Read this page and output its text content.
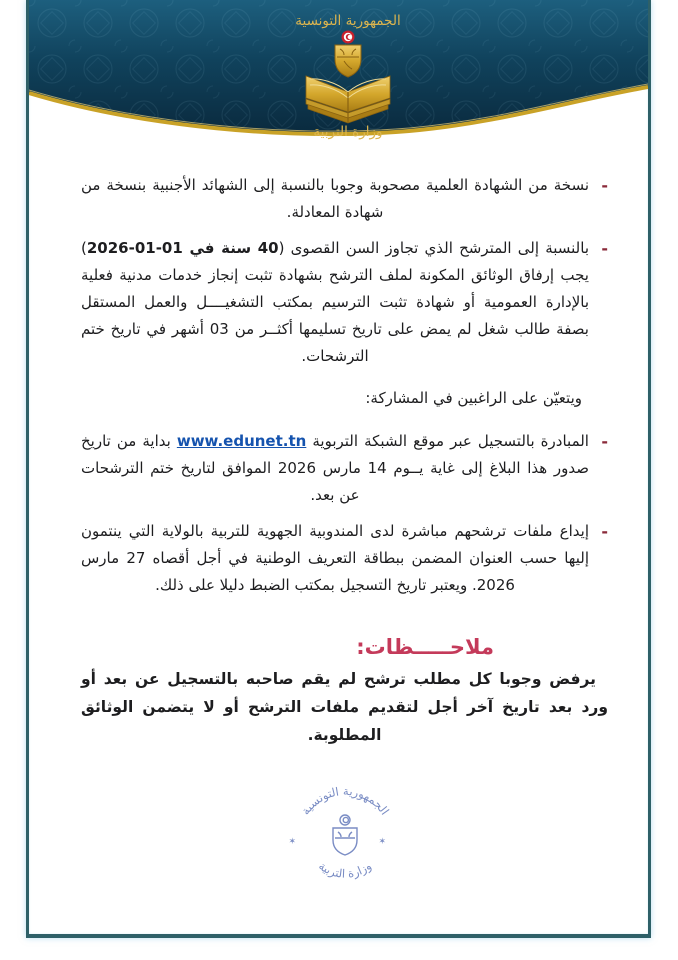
الجمهورية التونسية
وزارة التربية
-

نسخة من الشهادة العلمية مصحوبة وجوبا بالنسبة إلى الشهائد الأجنبية بنسخة من شهادة المعادلة.

-

بالنسبة إلى المترشح الذي تجاوز السن القصوى (40 سنة في 2026-01-01) يجب إرفاق الوثائق المكونة لملف الترشح بشهادة تثبت إنجاز خدمات مدنية فعلية بالإدارة العمومية أو شهادة تثبت الترسيم بمكتب التشغيــــل والعمل المستقل بصفة طالب شغل لم يمض على تاريخ تسليمها أكثــر من 03 أشهر في تاريخ ختم الترشحات.

ويتعيّن على الراغبين في المشاركة:

-

المبادرة بالتسجيل عبر موقع الشبكة التربوية www.edunet.tn بداية من تاريخ صدور هذا البلاغ إلى غاية يــوم 14 مارس 2026 الموافق لتاريخ ختم الترشحات عن بعد.

-

إيداع ملفات ترشحهم مباشرة لدى المندوبية الجهوية للتربية بالولاية التي ينتمون إليها حسب العنوان المضمن ببطاقة التعريف الوطنية في أجل أقصاه 27 مارس 2026. ويعتبر تاريخ التسجيل بمكتب الضبط دليلا على ذلك.

ملاحـــــظات:

يرفض وجوبا كل مطلب ترشح لم يقم صاحبه بالتسجيل عن بعد أو ورد بعد تاريخ آخر أجل لتقديم ملفات الترشح أو لا يتضمن الوثائق المطلوبة.

الجمهورية التونسية
وزارة التربية
✶	✶
